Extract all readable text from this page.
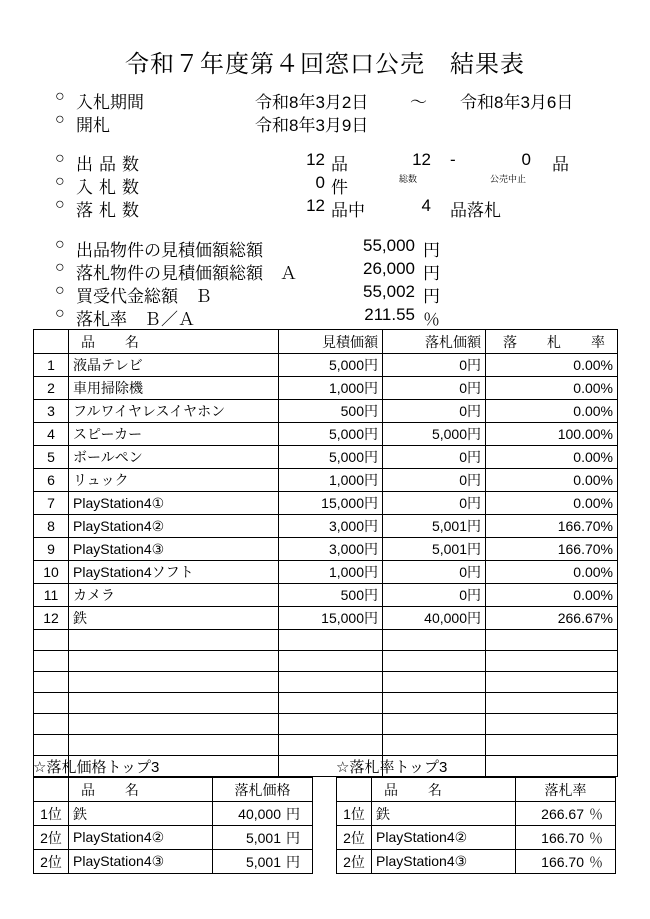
令和７年度第４回窓口公売　結果表
○ 入札期間	令和8年3月2日 ～ 令和8年3月6日
○ 開札	令和8年3月9日
○ 出品数	12 品	12 -	0 品
総数	公売中止
○ 入札数	0 件
○ 落札数	12 品中	4 品落札
○ 出品物件の見積価額総額	55,000 円
○ 落札物件の見積価額総額　Ａ	26,000 円
○ 買受代金総額　Ｂ	55,002 円
○ 落札率　Ｂ／Ａ	211.55 ％
	品　名	見積価額	落札価額	落　札　率
1	液晶テレビ	5,000円	0円	0.00%
2	車用掃除機	1,000円	0円	0.00%
3	フルワイヤレスイヤホン	500円	0円	0.00%
4	スピーカー	5,000円	5,000円	100.00%
5	ボールペン	5,000円	0円	0.00%
6	リュック	1,000円	0円	0.00%
7	PlayStation4①	15,000円	0円	0.00%
8	PlayStation4②	3,000円	5,001円	166.70%
9	PlayStation4③	3,000円	5,001円	166.70%
10	PlayStation4ソフト	1,000円	0円	0.00%
11	カメラ	500円	0円	0.00%
12	鉄	15,000円	40,000円	266.67%

☆落札価格トップ3
	品　名	落札価格
1位	鉄	40,000 円
2位	PlayStation4②	5,001 円
2位	PlayStation4③	5,001 円
☆落札率トップ3
	品　名	落札率
1位	鉄	266.67 ％
2位	PlayStation4②	166.70 ％
2位	PlayStation4③	166.70 ％
